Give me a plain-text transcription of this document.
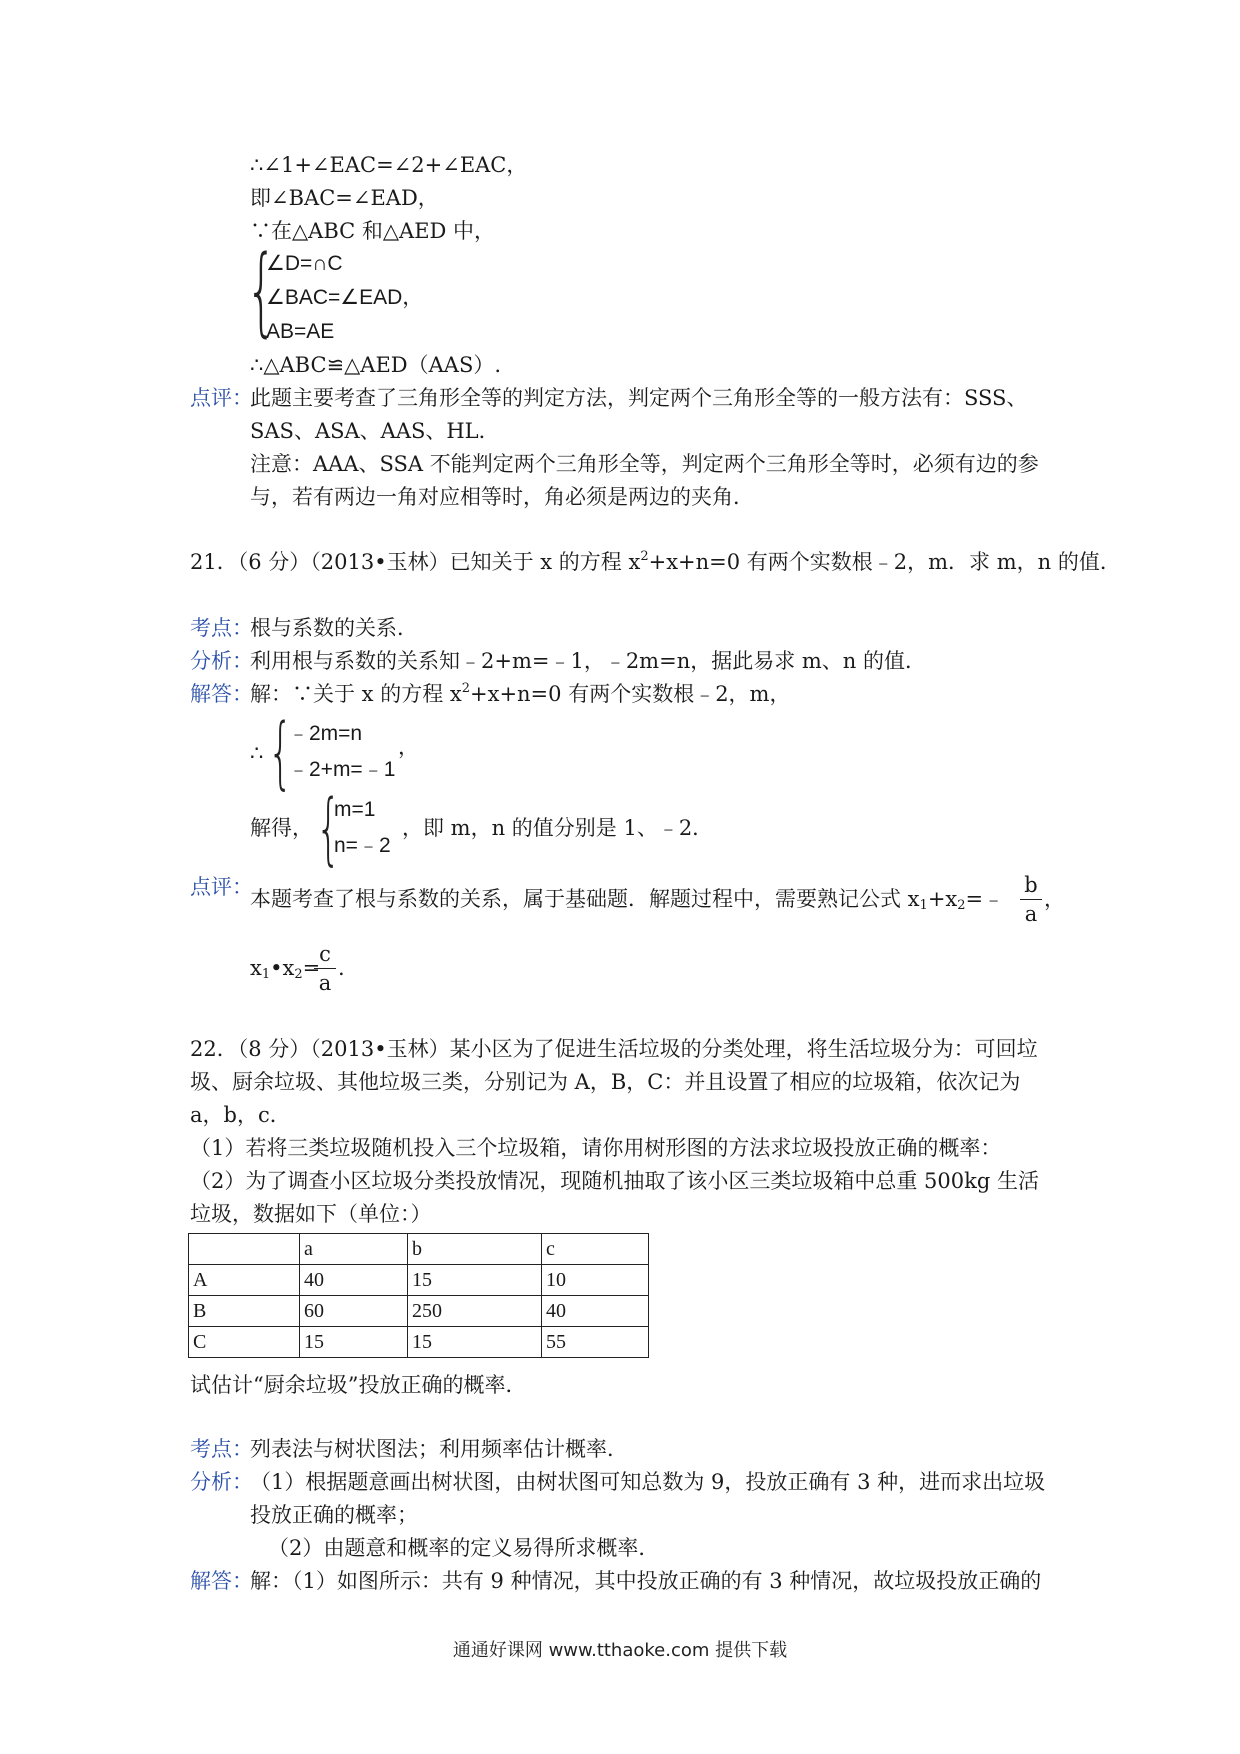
∴∠1+∠EAC=∠2+∠EAC，
即∠BAC=∠EAD，
∵在△ABC 和△AED 中，
{
∠D=∩C
∠BAC=∠EAD，
AB=AE
∴△ABC≌△AED（AAS）.
点评：
此题主要考查了三角形全等的判定方法，判定两个三角形全等的一般方法有：SSS、
SAS、ASA、AAS、HL．
注意：AAA、SSA 不能判定两个三角形全等，判定两个三角形全等时，必须有边的参
与，若有两边一角对应相等时，角必须是两边的夹角．
21．（6 分）（2013•玉林）已知关于 x 的方程 $x^2+x+n=0$ 有两个实数根﹣2，m．求 m，n 的值．
考点：
根与系数的关系．
分析：
利用根与系数的关系知﹣2+m=﹣1，﹣2m=n，据此易求 m、n 的值．
解答：
解：∵关于 x 的方程 $x^2+x+n=0$ 有两个实数根﹣2，m，
∴ {
﹣2m=n
﹣2+m=﹣1
，
解得， {
m=1
n=﹣2
，即 m，n 的值分别是 1、﹣2．
点评：
本题考查了根与系数的关系，属于基础题．解题过程中，需要熟记公式 $x_1+x_2=﹣$
b
a
，
$x_1•x_2=$
c
a
.
22．（8 分）（2013•玉林）某小区为了促进生活垃圾的分类处理，将生活垃圾分为：可回垃
圾、厨余垃圾、其他垃圾三类，分别记为 A，B，C：并且设置了相应的垃圾箱，依次记为
a，b，c．
（1）若将三类垃圾随机投入三个垃圾箱，请你用树形图的方法求垃圾投放正确的概率：
（2）为了调查小区垃圾分类投放情况，现随机抽取了该小区三类垃圾箱中总重 500kg 生活
垃圾，数据如下（单位：）
	a	b	c
A	40	15	10
B	60	250	40
C	15	15	55
试估计“厨余垃圾”投放正确的概率．
考点：
列表法与树状图法；利用频率估计概率．
分析：
（1）根据题意画出树状图，由树状图可知总数为 9，投放正确有 3 种，进而求出垃圾
投放正确的概率；
（2）由题意和概率的定义易得所求概率．
解答：
解：（1）如图所示：共有 9 种情况，其中投放正确的有 3 种情况，故垃圾投放正确的
通通好课网 www.tthaoke.com 提供下载
